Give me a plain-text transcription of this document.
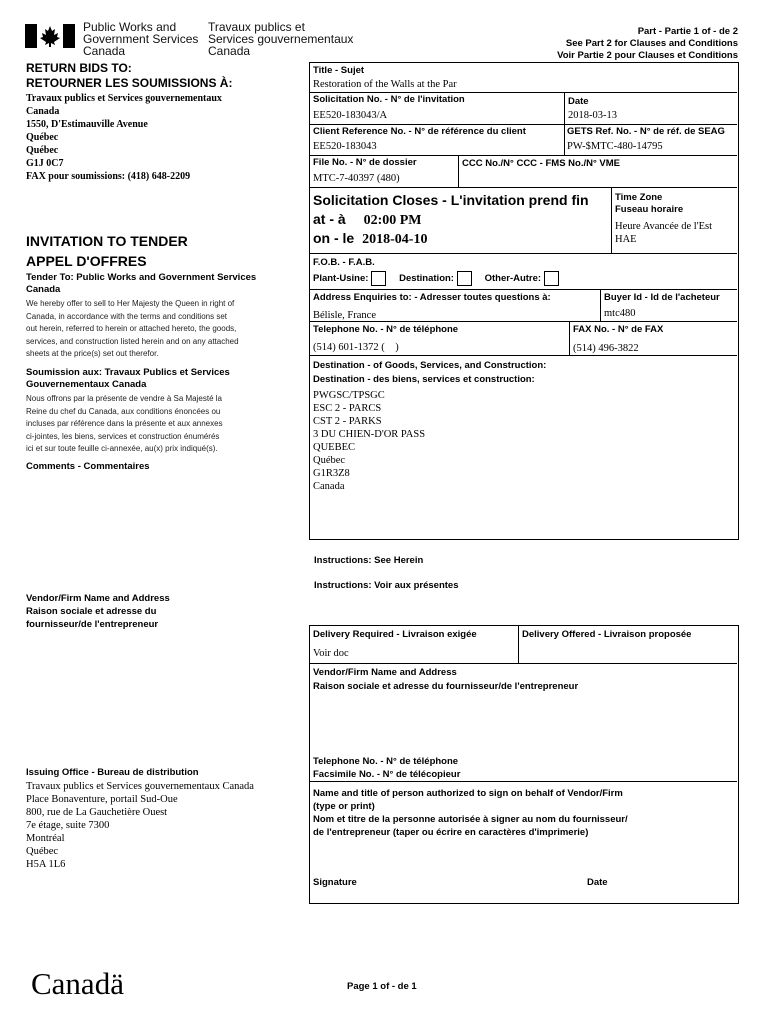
Public Works and
Government Services
Canada
Travaux publics et
Services gouvernementaux
Canada
Part - Partie 1 of - de 2
See Part 2 for Clauses and Conditions
Voir Partie 2 pour Clauses et Conditions
RETURN BIDS TO:
RETOURNER LES SOUMISSIONS À:
Travaux publics et Services gouvernementaux
Canada
1550, D'Estimauville Avenue
Québec
Québec
G1J 0C7
FAX pour soumissions: (418) 648-2209
INVITATION TO TENDER
APPEL D'OFFRES
Tender To: Public Works and Government Services Canada
We hereby offer to sell to Her Majesty the Queen in right of
Canada, in accordance with the terms and conditions set
out herein, referred to herein or attached hereto, the goods,
services, and construction listed herein and on any attached
sheets at the price(s) set out therefor.
Soumission aux: Travaux Publics et Services Gouvernementaux Canada
Nous offrons par la présente de vendre à Sa Majesté la
Reine du chef du Canada, aux conditions énoncées ou
incluses par référence dans la présente et aux annexes
ci-jointes, les biens, services et construction énumérés
ici et sur toute feuille ci-annexée, au(x) prix indiqué(s).
Comments - Commentaires
Vendor/Firm Name and Address
Raison sociale et adresse du
fournisseur/de l'entrepreneur
Issuing Office - Bureau de distribution
Travaux publics et Services gouvernementaux Canada
Place Bonaventure, portail Sud-Oue
800, rue de La Gauchetière Ouest
7e étage, suite 7300
Montréal
Québec
H5A 1L6
Title - Sujet
Restoration of the Walls at the Par
Solicitation No. - N° de l'invitation
EE520-183043/A
Date
2018-03-13
Client Reference No. - N° de référence du client
EE520-183043
GETS Ref. No. - N° de réf. de SEAG
PW-$MTC-480-14795
File No. - N° de dossier
MTC-7-40397 (480)
CCC No./N° CCC - FMS No./N° VME
Solicitation Closes - L'invitation prend fin
at - à 02:00 PM
on - le 2018-04-10
Time Zone
Fuseau horaire
Heure Avancée de l'Est
HAE
F.O.B. - F.A.B.
Plant-Usine:	Destination:	Other-Autre:
Address Enquiries to: - Adresser toutes questions à:
Bélisle, France
Buyer Id - Id de l'acheteur
mtc480
Telephone No. - N° de téléphone
(514) 601-1372 (    )
FAX No. - N° de FAX
(514) 496-3822
Destination - of Goods, Services, and Construction:
Destination - des biens, services et construction:
PWGSC/TPSGC
ESC 2 - PARCS
CST 2 - PARKS
3 DU CHIEN-D'OR PASS
QUEBEC
Québec
G1R3Z8
Canada
Instructions: See Herein
Instructions: Voir aux présentes
Delivery Required - Livraison exigée
Voir doc
Delivery Offered - Livraison proposée
Vendor/Firm Name and Address
Raison sociale et adresse du fournisseur/de l'entrepreneur
Telephone No. - N° de téléphone
Facsimile No. - N° de télécopieur
Name and title of person authorized to sign on behalf of Vendor/Firm
(type or print)
Nom et titre de la personne autorisée à signer au nom du fournisseur/
de l'entrepreneur (taper ou écrire en caractères d'imprimerie)
Signature	Date
Canadä	Page 1 of - de 1
